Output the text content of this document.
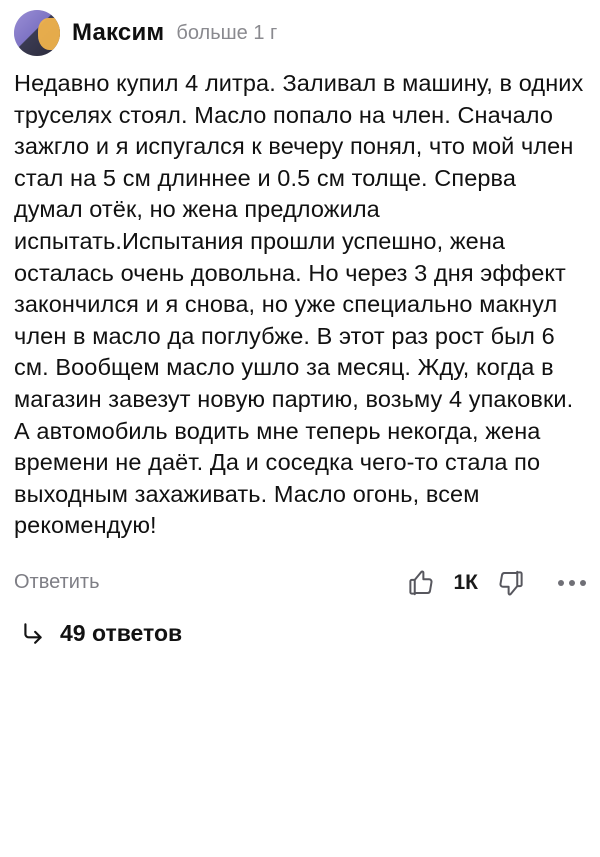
Максим больше 1 г
Недавно купил 4 литра. Заливал в машину, в одних труселях стоял. Масло попало на член. Сначало зажгло и я испугался к вечеру понял, что мой член стал на 5 см длиннее и 0.5 см толще. Сперва думал отёк, но жена предложила испытать.Испытания прошли успешно, жена осталась очень довольна. Но через 3 дня эффект закончился и я снова, но уже специально макнул член в масло да поглубже. В этот раз рост был 6 см. Вообщем масло ушло за месяц. Жду, когда в магазин завезут новую партию, возьму 4 упаковки. А автомобиль водить мне теперь некогда, жена времени не даёт. Да и соседка чего-то стала по выходным захаживать. Масло огонь, всем рекомендую!
Ответить	1К
49 ответов
